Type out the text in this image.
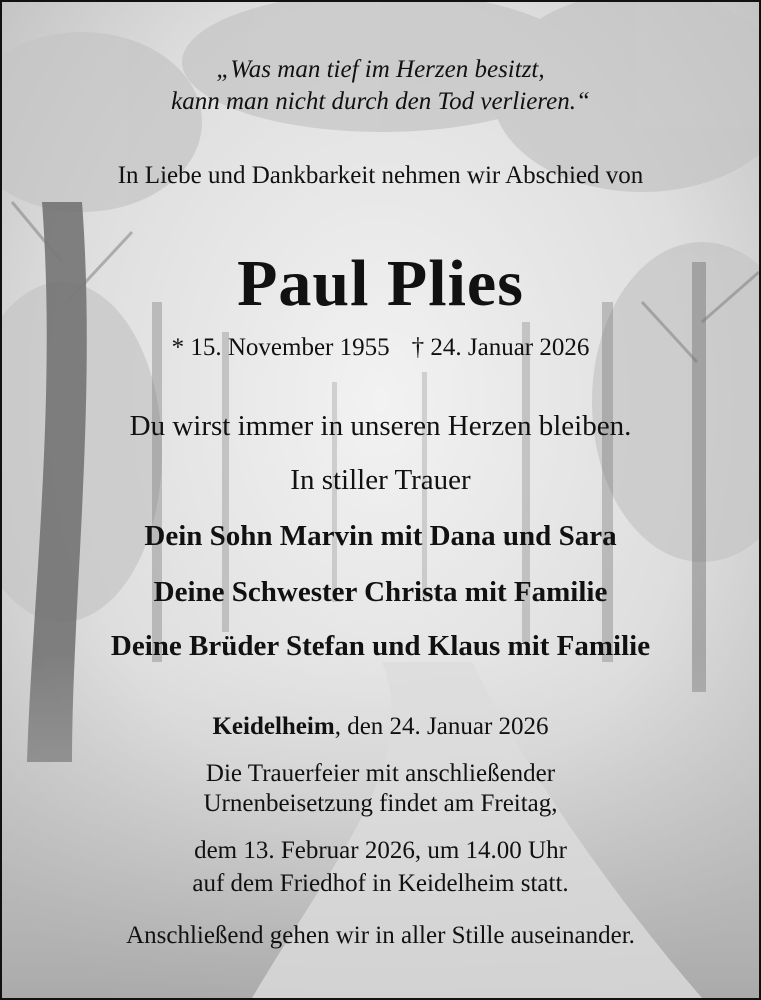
„Was man tief im Herzen besitzt,
kann man nicht durch den Tod verlieren.“
In Liebe und Dankbarkeit nehmen wir Abschied von
Paul Plies
* 15. November 1955 † 24. Januar 2026
Du wirst immer in unseren Herzen bleiben.
In stiller Trauer
Dein Sohn Marvin mit Dana und Sara
Deine Schwester Christa mit Familie
Deine Brüder Stefan und Klaus mit Familie
Keidelheim, den 24. Januar 2026
Die Trauerfeier mit anschließender
Urnenbeisetzung findet am Freitag,
dem 13. Februar 2026, um 14.00 Uhr
auf dem Friedhof in Keidelheim statt.
Anschließend gehen wir in aller Stille auseinander.
